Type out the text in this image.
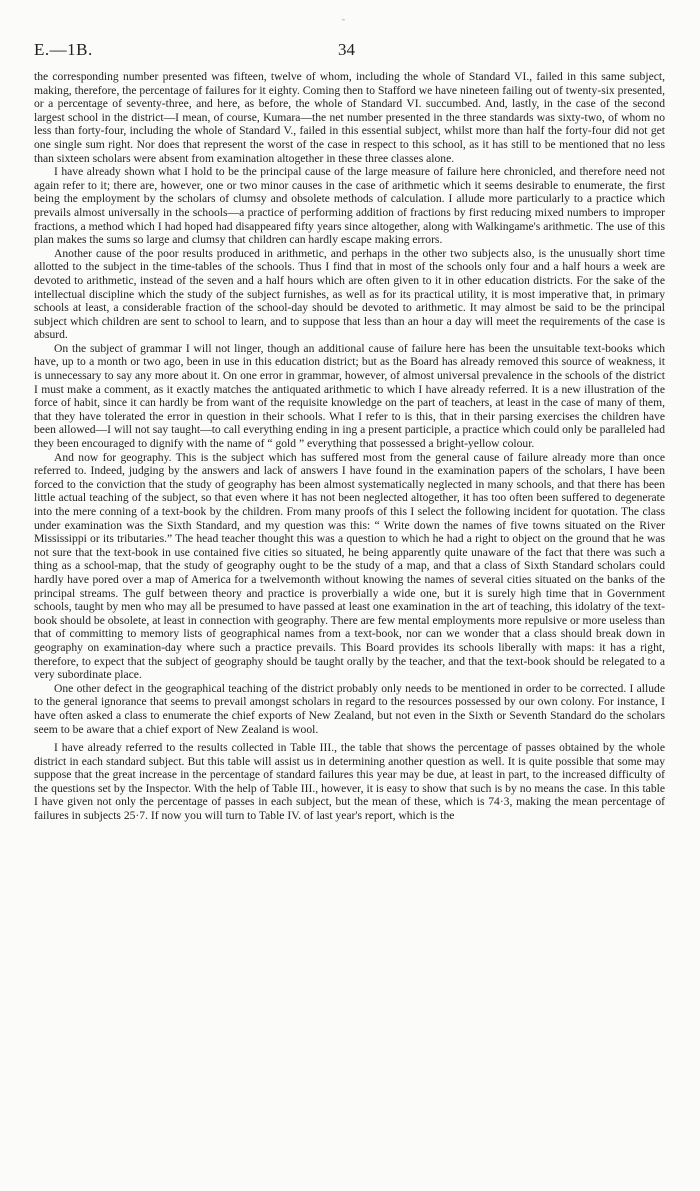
-
E.—1B.	34

the corresponding number presented was fifteen, twelve of whom, including the whole of Standard VI., failed in this same subject, making, therefore, the percentage of failures for it eighty. Coming then to Stafford we have nineteen failing out of twenty-six presented, or a percentage of seventy-three, and here, as before, the whole of Standard VI. succumbed. And, lastly, in the case of the second largest school in the district—I mean, of course, Kumara—the net number presented in the three standards was sixty-two, of whom no less than forty-four, including the whole of Standard V., failed in this essential subject, whilst more than half the forty-four did not get one single sum right. Nor does that represent the worst of the case in respect to this school, as it has still to be mentioned that no less than sixteen scholars were absent from examination altogether in these three classes alone.

I have already shown what I hold to be the principal cause of the large measure of failure here chronicled, and therefore need not again refer to it; there are, however, one or two minor causes in the case of arithmetic which it seems desirable to enumerate, the first being the employment by the scholars of clumsy and obsolete methods of calculation. I allude more particularly to a practice which prevails almost universally in the schools—a practice of performing addition of fractions by first reducing mixed numbers to improper fractions, a method which I had hoped had disappeared fifty years since altogether, along with Walkingame's arithmetic. The use of this plan makes the sums so large and clumsy that children can hardly escape making errors.

Another cause of the poor results produced in arithmetic, and perhaps in the other two subjects also, is the unusually short time allotted to the subject in the time-tables of the schools. Thus I find that in most of the schools only four and a half hours a week are devoted to arithmetic, instead of the seven and a half hours which are often given to it in other education districts. For the sake of the intellectual discipline which the study of the subject furnishes, as well as for its practical utility, it is most imperative that, in primary schools at least, a considerable fraction of the school-day should be devoted to arithmetic. It may almost be said to be the principal subject which children are sent to school to learn, and to suppose that less than an hour a day will meet the requirements of the case is absurd.

On the subject of grammar I will not linger, though an additional cause of failure here has been the unsuitable text-books which have, up to a month or two ago, been in use in this education district; but as the Board has already removed this source of weakness, it is unnecessary to say any more about it. On one error in grammar, however, of almost universal prevalence in the schools of the district I must make a comment, as it exactly matches the antiquated arithmetic to which I have already referred. It is a new illustration of the force of habit, since it can hardly be from want of the requisite knowledge on the part of teachers, at least in the case of many of them, that they have tolerated the error in question in their schools. What I refer to is this, that in their parsing exercises the children have been allowed—I will not say taught—to call everything ending in ing a present participle, a practice which could only be paralleled had they been encouraged to dignify with the name of “ gold ” everything that possessed a bright-yellow colour.

And now for geography. This is the subject which has suffered most from the general cause of failure already more than once referred to. Indeed, judging by the answers and lack of answers I have found in the examination papers of the scholars, I have been forced to the conviction that the study of geography has been almost systematically neglected in many schools, and that there has been little actual teaching of the subject, so that even where it has not been neglected altogether, it has too often been suffered to degenerate into the mere conning of a text-book by the children. From many proofs of this I select the following incident for quotation. The class under examination was the Sixth Standard, and my question was this: “ Write down the names of five towns situated on the River Mississippi or its tributaries.” The head teacher thought this was a question to which he had a right to object on the ground that he was not sure that the text-book in use contained five cities so situated, he being apparently quite unaware of the fact that there was such a thing as a school-map, that the study of geography ought to be the study of a map, and that a class of Sixth Standard scholars could hardly have pored over a map of America for a twelvemonth without knowing the names of several cities situated on the banks of the principal streams. The gulf between theory and practice is proverbially a wide one, but it is surely high time that in Government schools, taught by men who may all be presumed to have passed at least one examination in the art of teaching, this idolatry of the text-book should be obsolete, at least in connection with geography. There are few mental employments more repulsive or more useless than that of committing to memory lists of geographical names from a text-book, nor can we wonder that a class should break down in geography on examination-day where such a practice prevails. This Board provides its schools liberally with maps: it has a right, therefore, to expect that the subject of geography should be taught orally by the teacher, and that the text-book should be relegated to a very subordinate place.

One other defect in the geographical teaching of the district probably only needs to be mentioned in order to be corrected. I allude to the general ignorance that seems to prevail amongst scholars in regard to the resources possessed by our own colony. For instance, I have often asked a class to enumerate the chief exports of New Zealand, but not even in the Sixth or Seventh Standard do the scholars seem to be aware that a chief export of New Zealand is wool.

I have already referred to the results collected in Table III., the table that shows the percentage of passes obtained by the whole district in each standard subject. But this table will assist us in determining another question as well. It is quite possible that some may suppose that the great increase in the percentage of standard failures this year may be due, at least in part, to the increased difficulty of the questions set by the Inspector. With the help of Table III., however, it is easy to show that such is by no means the case. In this table I have given not only the percentage of passes in each subject, but the mean of these, which is 74·3, making the mean percentage of failures in subjects 25·7. If now you will turn to Table IV. of last year's report, which is the
